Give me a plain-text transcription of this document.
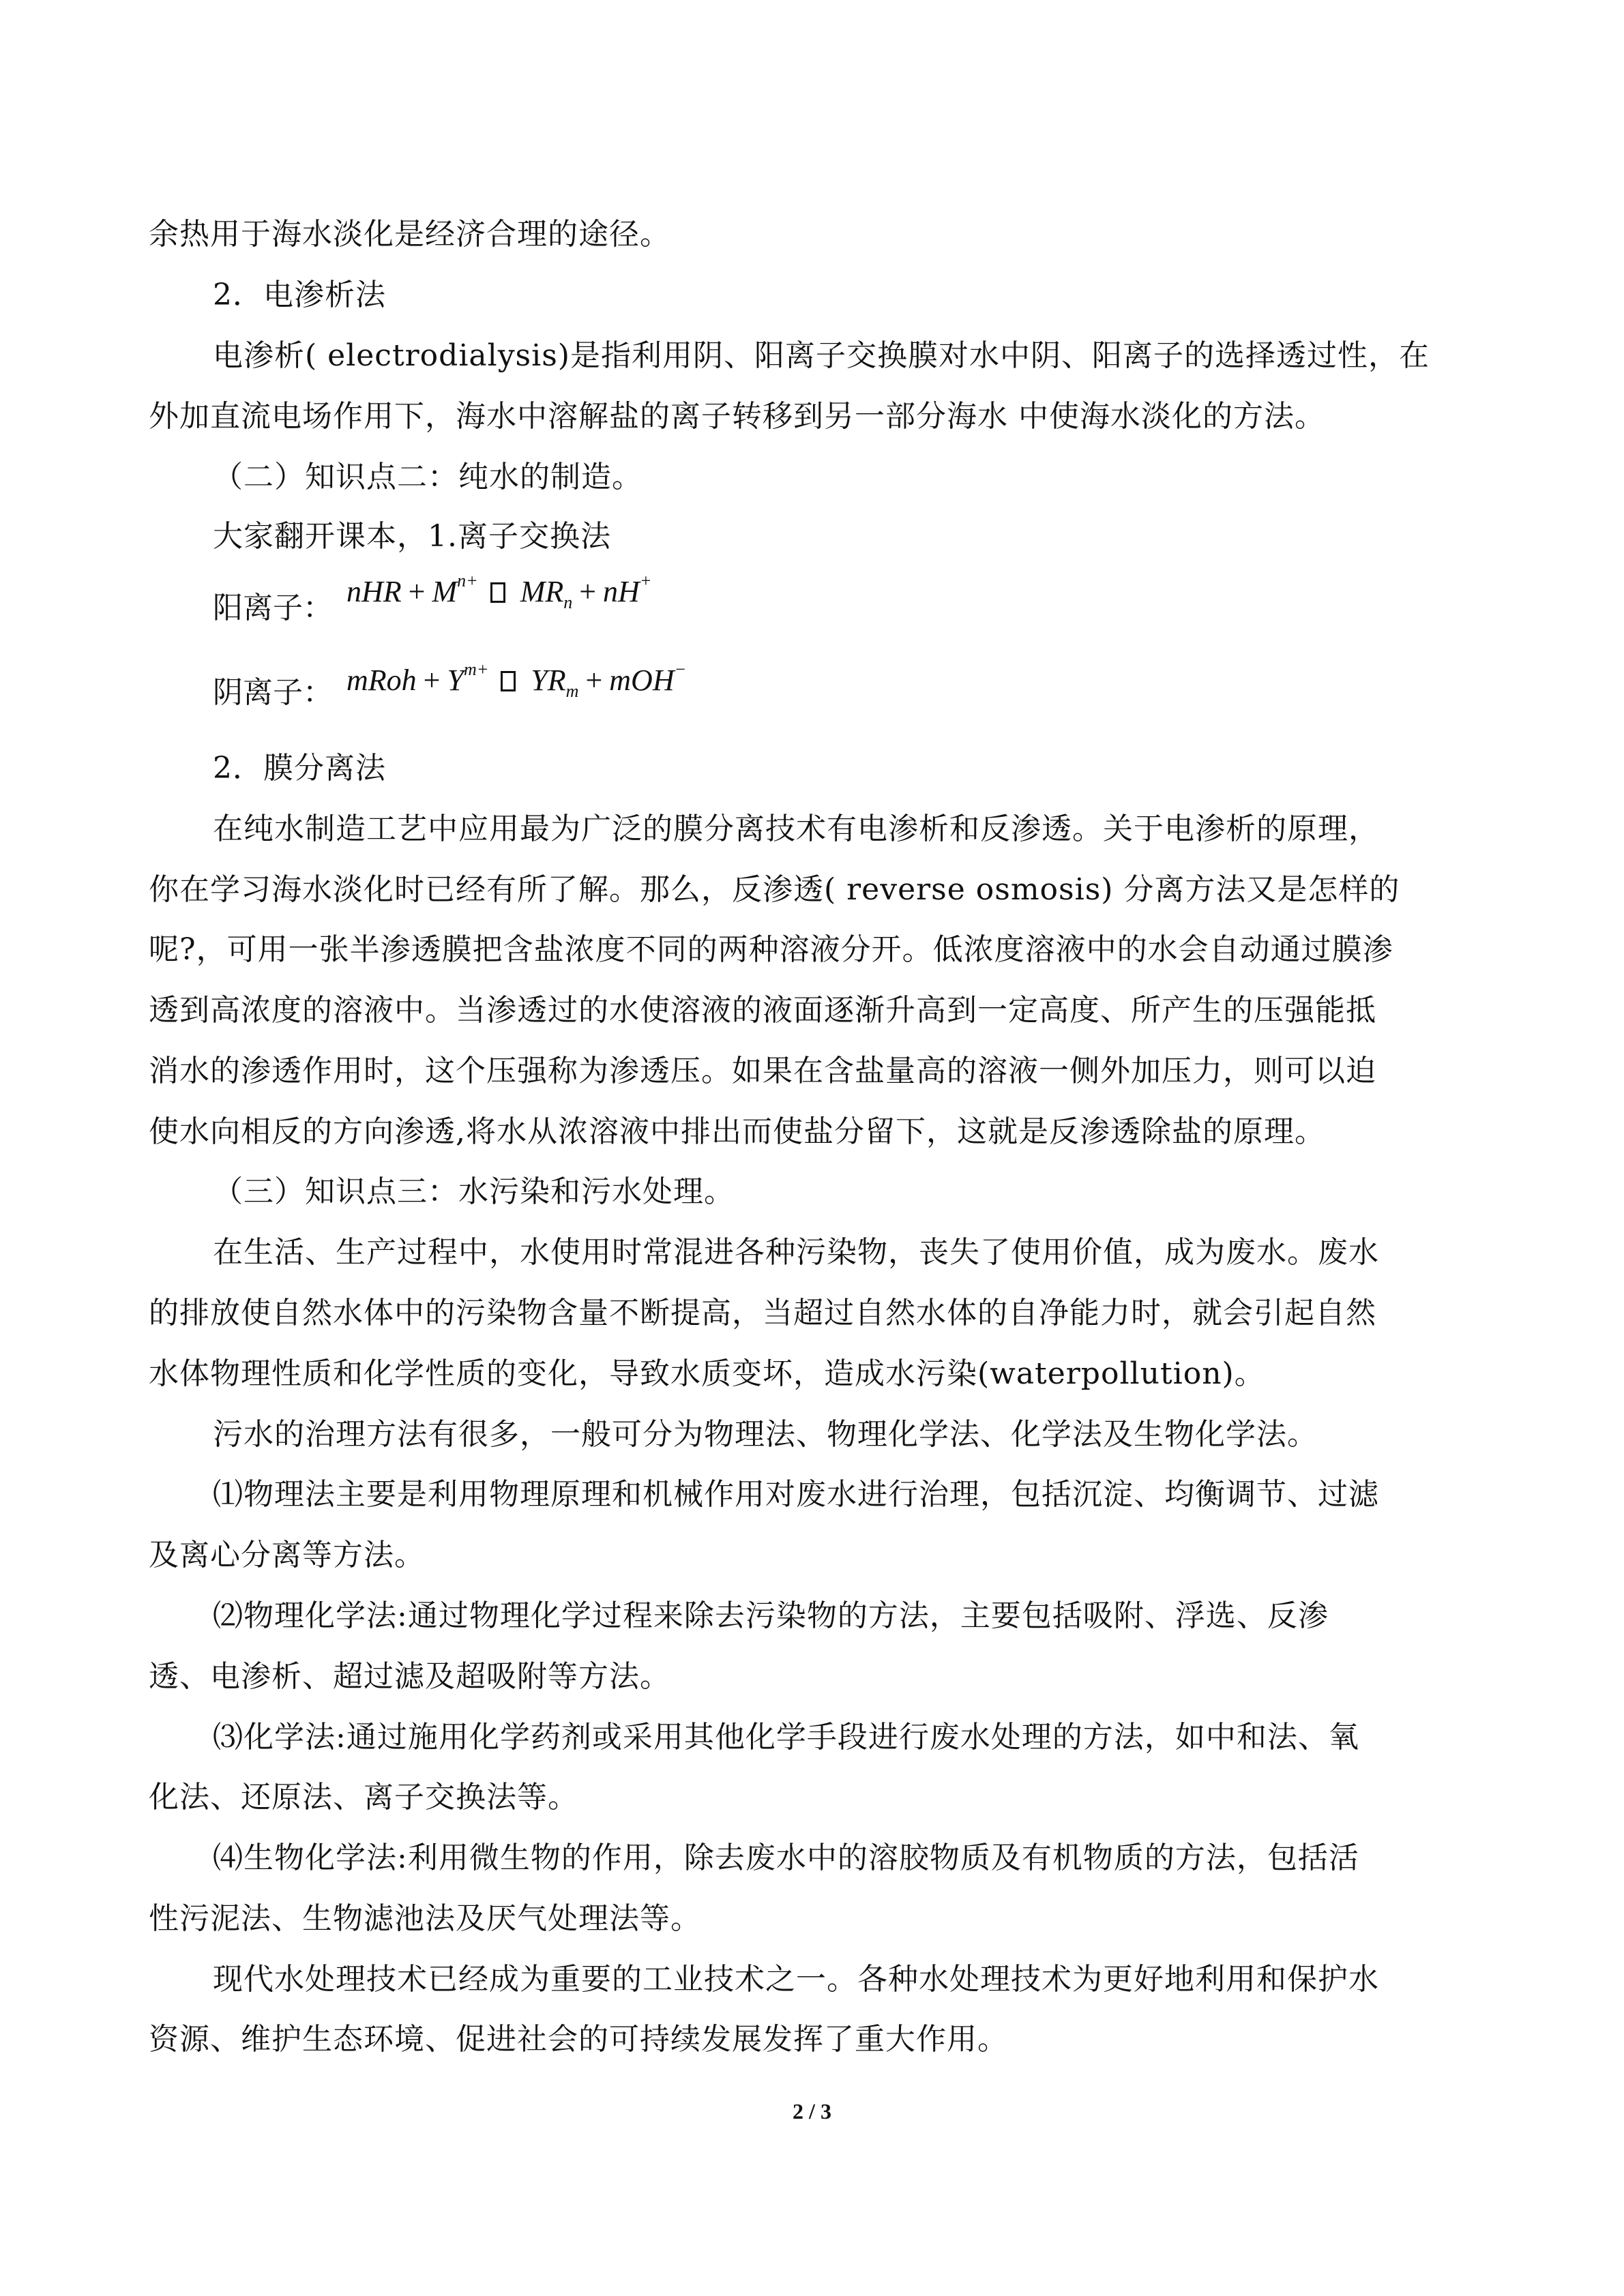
余热用于海水淡化是经济合理的途径。
2．电渗析法
电渗析( electrodialysis)是指利用阴、阳离子交换膜对水中阴、阳离子的选择透过性，在
外加直流电场作用下，海水中溶解盐的离子转移到另一部分海水 中使海水淡化的方法。
（二）知识点二：纯水的制造。
大家翻开课本，1.离子交换法
阳离子： nHR + $M^{n+}$ $MR_n + nH^+$
阴离子： mRoh + $Y^{m+}$ $YR_m + mOH^-$
2．膜分离法
在纯水制造工艺中应用最为广泛的膜分离技术有电渗析和反渗透。关于电渗析的原理，
你在学习海水淡化时已经有所了解。那么，反渗透( reverse osmosis) 分离方法又是怎样的
呢?，可用一张半渗透膜把含盐浓度不同的两种溶液分开。低浓度溶液中的水会自动通过膜渗
透到高浓度的溶液中。当渗透过的水使溶液的液面逐渐升高到一定高度、所产生的压强能抵
消水的渗透作用时，这个压强称为渗透压。如果在含盐量高的溶液一侧外加压力，则可以迫
使水向相反的方向渗透,将水从浓溶液中排出而使盐分留下，这就是反渗透除盐的原理。
（三）知识点三：水污染和污水处理。
在生活、生产过程中，水使用时常混进各种污染物，丧失了使用价值，成为废水。废水
的排放使自然水体中的污染物含量不断提高，当超过自然水体的自净能力时，就会引起自然
水体物理性质和化学性质的变化，导致水质变坏，造成水污染(waterpollution)。
污水的治理方法有很多，一般可分为物理法、物理化学法、化学法及生物化学法。
⑴物理法主要是利用物理原理和机械作用对废水进行治理，包括沉淀、均衡调节、过滤
及离心分离等方法。
⑵物理化学法:通过物理化学过程来除去污染物的方法，主要包括吸附、浮选、反渗
透、电渗析、超过滤及超吸附等方法。
⑶化学法:通过施用化学药剂或采用其他化学手段进行废水处理的方法，如中和法、氧
化法、还原法、离子交换法等。
⑷生物化学法:利用微生物的作用，除去废水中的溶胶物质及有机物质的方法，包括活
性污泥法、生物滤池法及厌气处理法等。
现代水处理技术已经成为重要的工业技术之一。各种水处理技术为更好地利用和保护水
资源、维护生态环境、促进社会的可持续发展发挥了重大作用。
2 / 3
